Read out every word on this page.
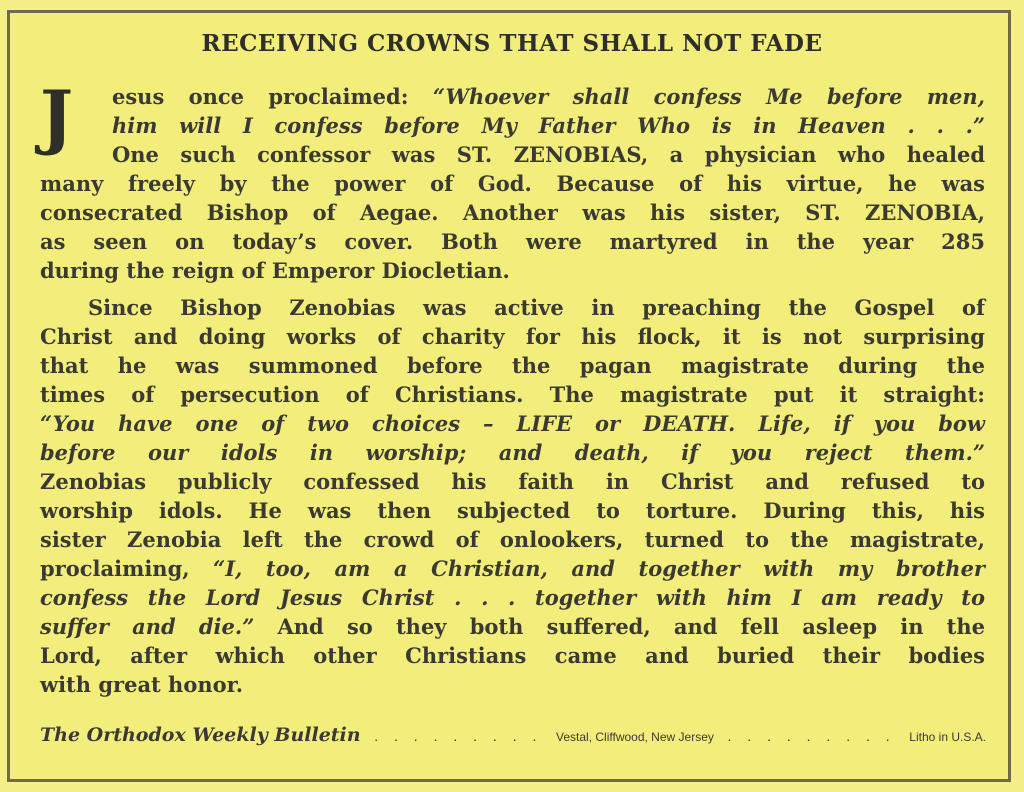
RECEIVING CROWNS THAT SHALL NOT FADE
J esus once proclaimed: “Whoever shall confess Me before men,
him will I confess before My Father Who is in Heaven . . .”
One such confessor was ST. ZENOBIAS, a physician who healed
many freely by the power of God. Because of his virtue, he was
consecrated Bishop of Aegae. Another was his sister, ST. ZENOBIA,
as seen on today’s cover. Both were martyred in the year 285
during the reign of Emperor Diocletian.
Since Bishop Zenobias was active in preaching the Gospel of
Christ and doing works of charity for his flock, it is not surprising
that he was summoned before the pagan magistrate during the
times of persecution of Christians. The magistrate put it straight:
“You have one of two choices – LIFE or DEATH. Life, if you bow
before our idols in worship; and death, if you reject them.”
Zenobias publicly confessed his faith in Christ and refused to
worship idols. He was then subjected to torture. During this, his
sister Zenobia left the crowd of onlookers, turned to the magistrate,
proclaiming, “I, too, am a Christian, and together with my brother
confess the Lord Jesus Christ . . . together with him I am ready to
suffer and die.” And so they both suffered, and fell asleep in the
Lord, after which other Christians came and buried their bodies
with great honor.
The Orthodox Weekly Bulletin . . . . . . . . .	Vestal, Cliffwood, New Jersey . . . . . . . . .	Litho in U.S.A.
